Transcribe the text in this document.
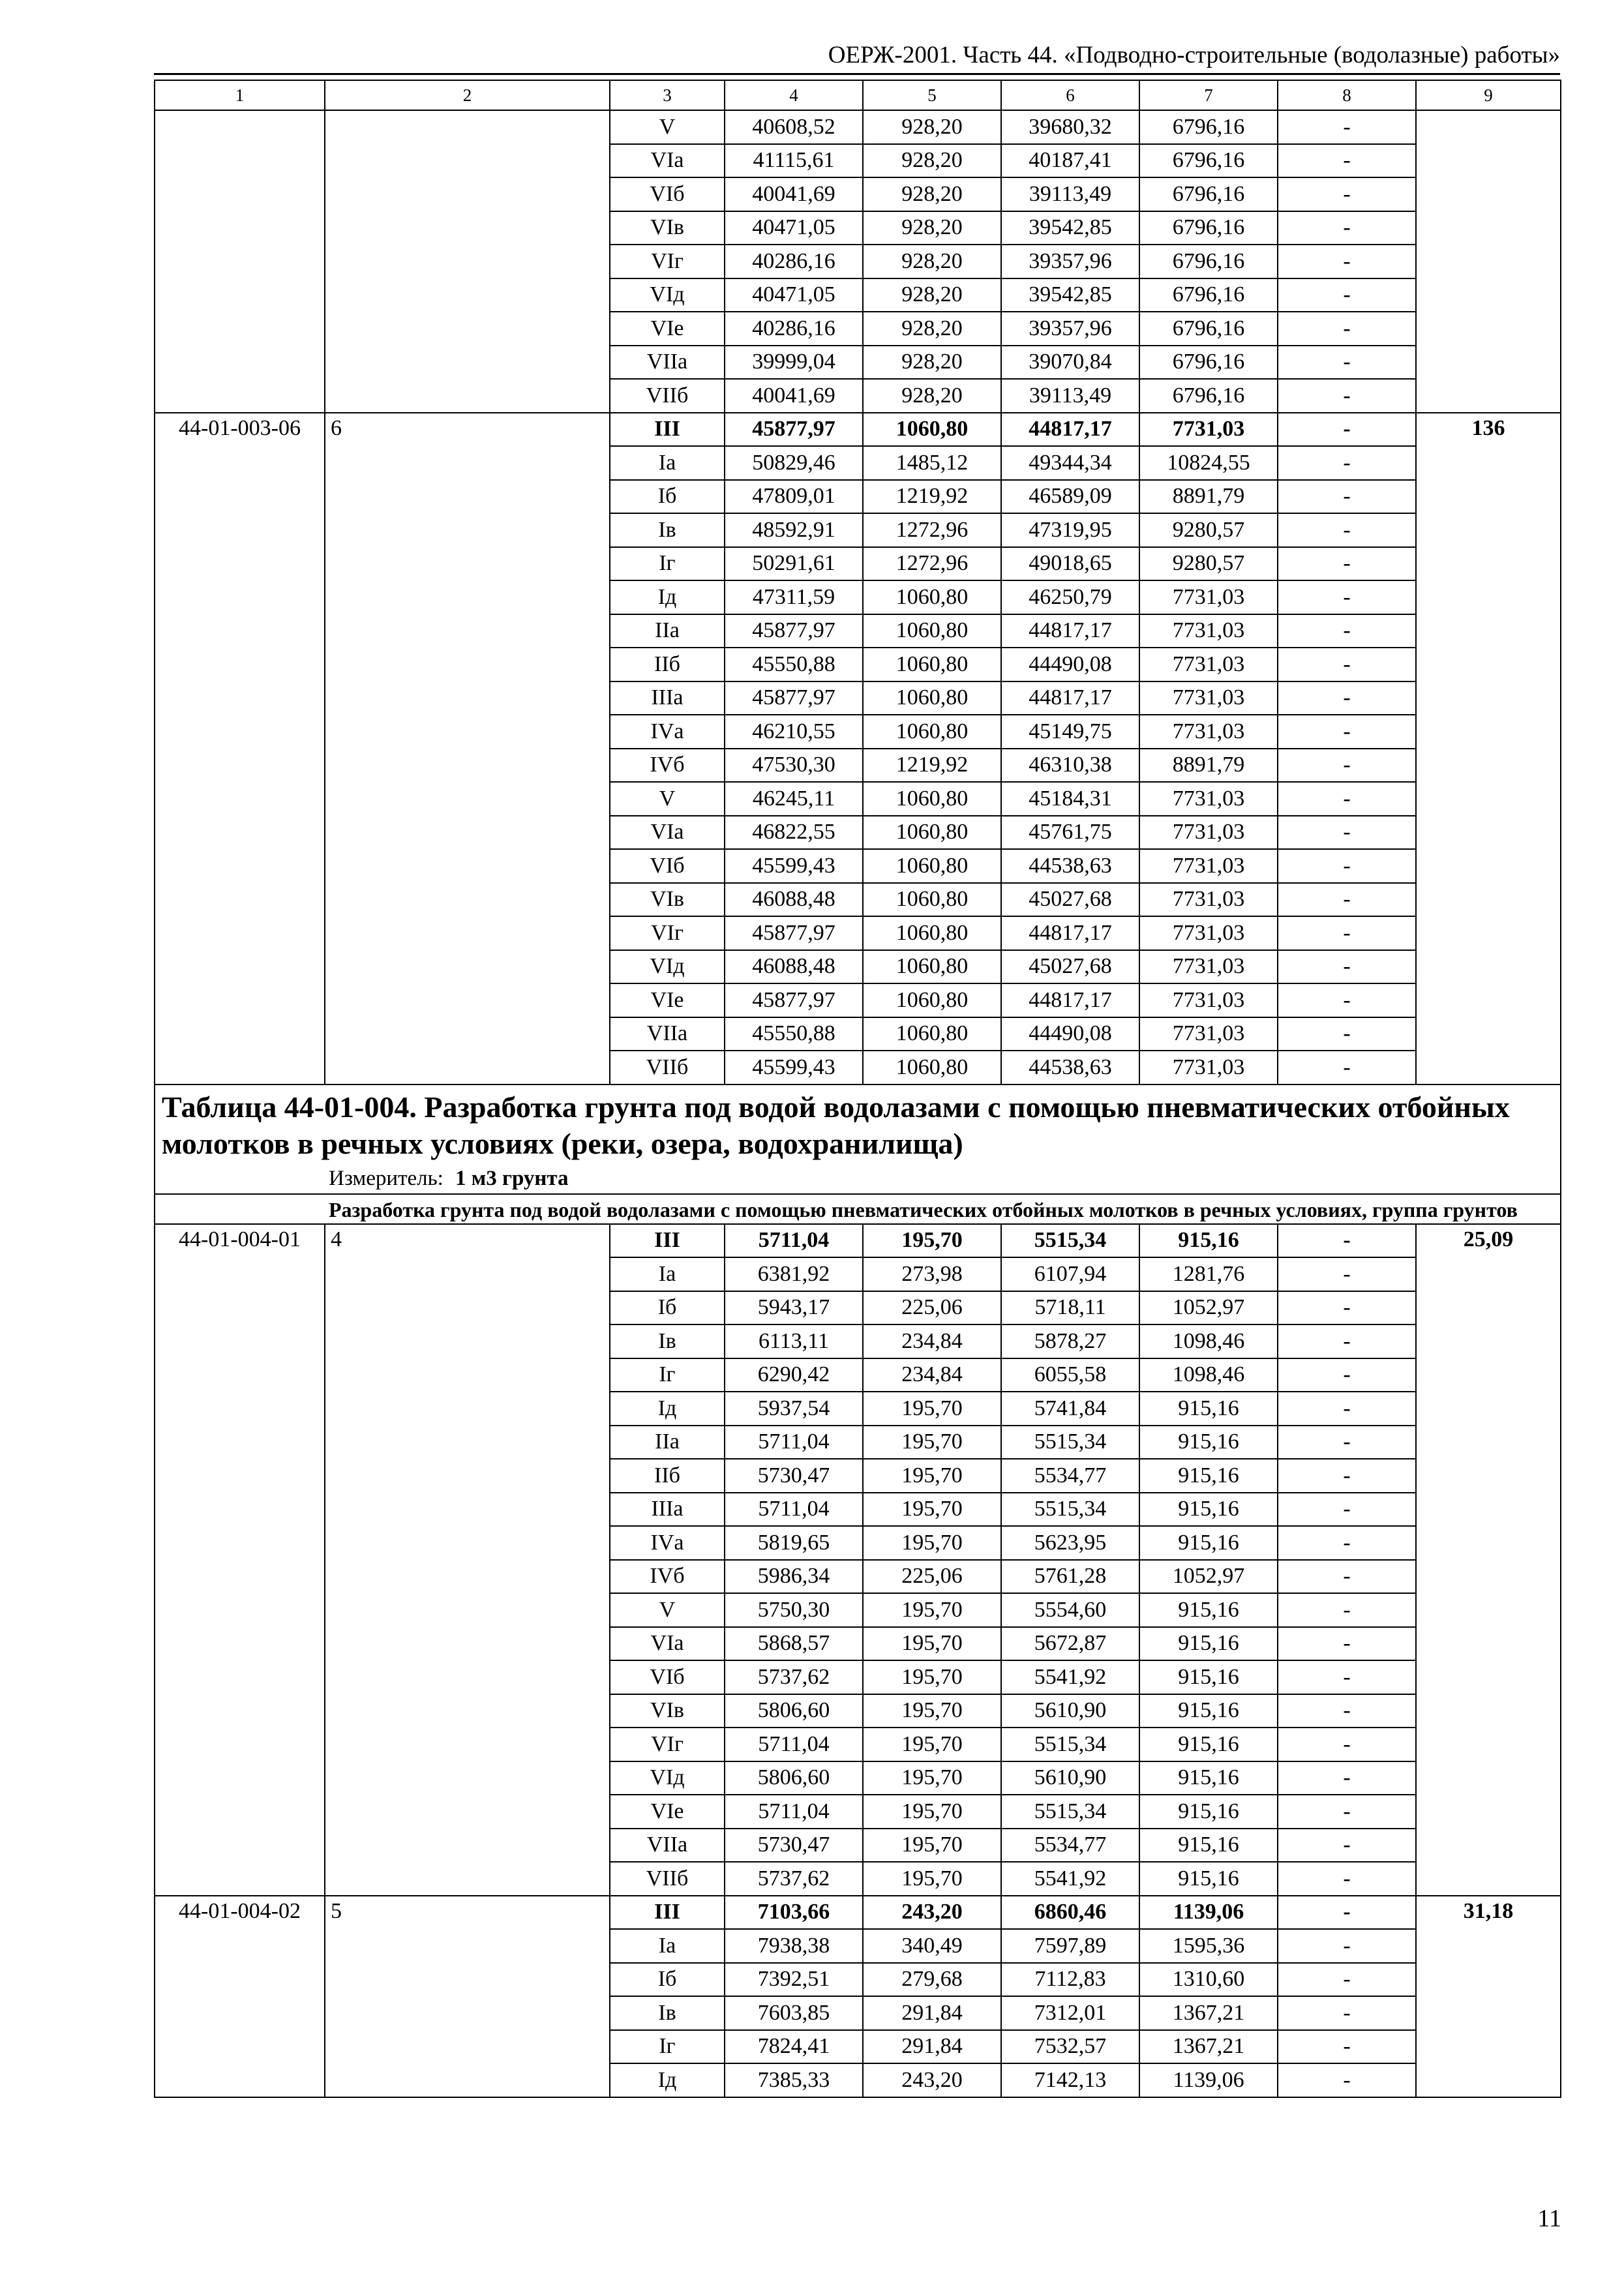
ОЕРЖ-2001. Часть 44. «Подводно-строительные (водолазные) работы»
1	2	3	4	5	6	7	8	9
		V	40608,52	928,20	39680,32	6796,16	-	
		VIа	41115,61	928,20	40187,41	6796,16	-	
		VIб	40041,69	928,20	39113,49	6796,16	-	
		VIв	40471,05	928,20	39542,85	6796,16	-	
		VIг	40286,16	928,20	39357,96	6796,16	-	
		VIд	40471,05	928,20	39542,85	6796,16	-	
		VIе	40286,16	928,20	39357,96	6796,16	-	
		VIIа	39999,04	928,20	39070,84	6796,16	-	
		VIIб	40041,69	928,20	39113,49	6796,16	-	
44-01-003-06	6	III	45877,97	1060,80	44817,17	7731,03	-	136
		Iа	50829,46	1485,12	49344,34	10824,55	-	
		Iб	47809,01	1219,92	46589,09	8891,79	-	
		Iв	48592,91	1272,96	47319,95	9280,57	-	
		Iг	50291,61	1272,96	49018,65	9280,57	-	
		Iд	47311,59	1060,80	46250,79	7731,03	-	
		IIа	45877,97	1060,80	44817,17	7731,03	-	
		IIб	45550,88	1060,80	44490,08	7731,03	-	
		IIIа	45877,97	1060,80	44817,17	7731,03	-	
		IVа	46210,55	1060,80	45149,75	7731,03	-	
		IVб	47530,30	1219,92	46310,38	8891,79	-	
		V	46245,11	1060,80	45184,31	7731,03	-	
		VIа	46822,55	1060,80	45761,75	7731,03	-	
		VIб	45599,43	1060,80	44538,63	7731,03	-	
		VIв	46088,48	1060,80	45027,68	7731,03	-	
		VIг	45877,97	1060,80	44817,17	7731,03	-	
		VIд	46088,48	1060,80	45027,68	7731,03	-	
		VIе	45877,97	1060,80	44817,17	7731,03	-	
		VIIа	45550,88	1060,80	44490,08	7731,03	-	
		VIIб	45599,43	1060,80	44538,63	7731,03	-	

Таблица 44-01-004. Разработка грунта под водой водолазами с помощью пневматических отбойных молотков в речных условиях (реки, озера, водохранилища)
Измеритель: 1 м3 грунта								

Разработка грунта под водой водолазами с помощью пневматических отбойных молотков в речных условиях, группа грунтов								

44-01-004-01	4	III	5711,04	195,70	5515,34	915,16	-	25,09
		Iа	6381,92	273,98	6107,94	1281,76	-	
		Iб	5943,17	225,06	5718,11	1052,97	-	
		Iв	6113,11	234,84	5878,27	1098,46	-	
		Iг	6290,42	234,84	6055,58	1098,46	-	
		Iд	5937,54	195,70	5741,84	915,16	-	
		IIа	5711,04	195,70	5515,34	915,16	-	
		IIб	5730,47	195,70	5534,77	915,16	-	
		IIIа	5711,04	195,70	5515,34	915,16	-	
		IVа	5819,65	195,70	5623,95	915,16	-	
		IVб	5986,34	225,06	5761,28	1052,97	-	
		V	5750,30	195,70	5554,60	915,16	-	
		VIа	5868,57	195,70	5672,87	915,16	-	
		VIб	5737,62	195,70	5541,92	915,16	-	
		VIв	5806,60	195,70	5610,90	915,16	-	
		VIг	5711,04	195,70	5515,34	915,16	-	
		VIд	5806,60	195,70	5610,90	915,16	-	
		VIе	5711,04	195,70	5515,34	915,16	-	
		VIIа	5730,47	195,70	5534,77	915,16	-	
		VIIб	5737,62	195,70	5541,92	915,16	-	
44-01-004-02	5	III	7103,66	243,20	6860,46	1139,06	-	31,18
		Iа	7938,38	340,49	7597,89	1595,36	-	
		Iб	7392,51	279,68	7112,83	1310,60	-	
		Iв	7603,85	291,84	7312,01	1367,21	-	
		Iг	7824,41	291,84	7532,57	1367,21	-	
		Iд	7385,33	243,20	7142,13	1139,06	-	
11
